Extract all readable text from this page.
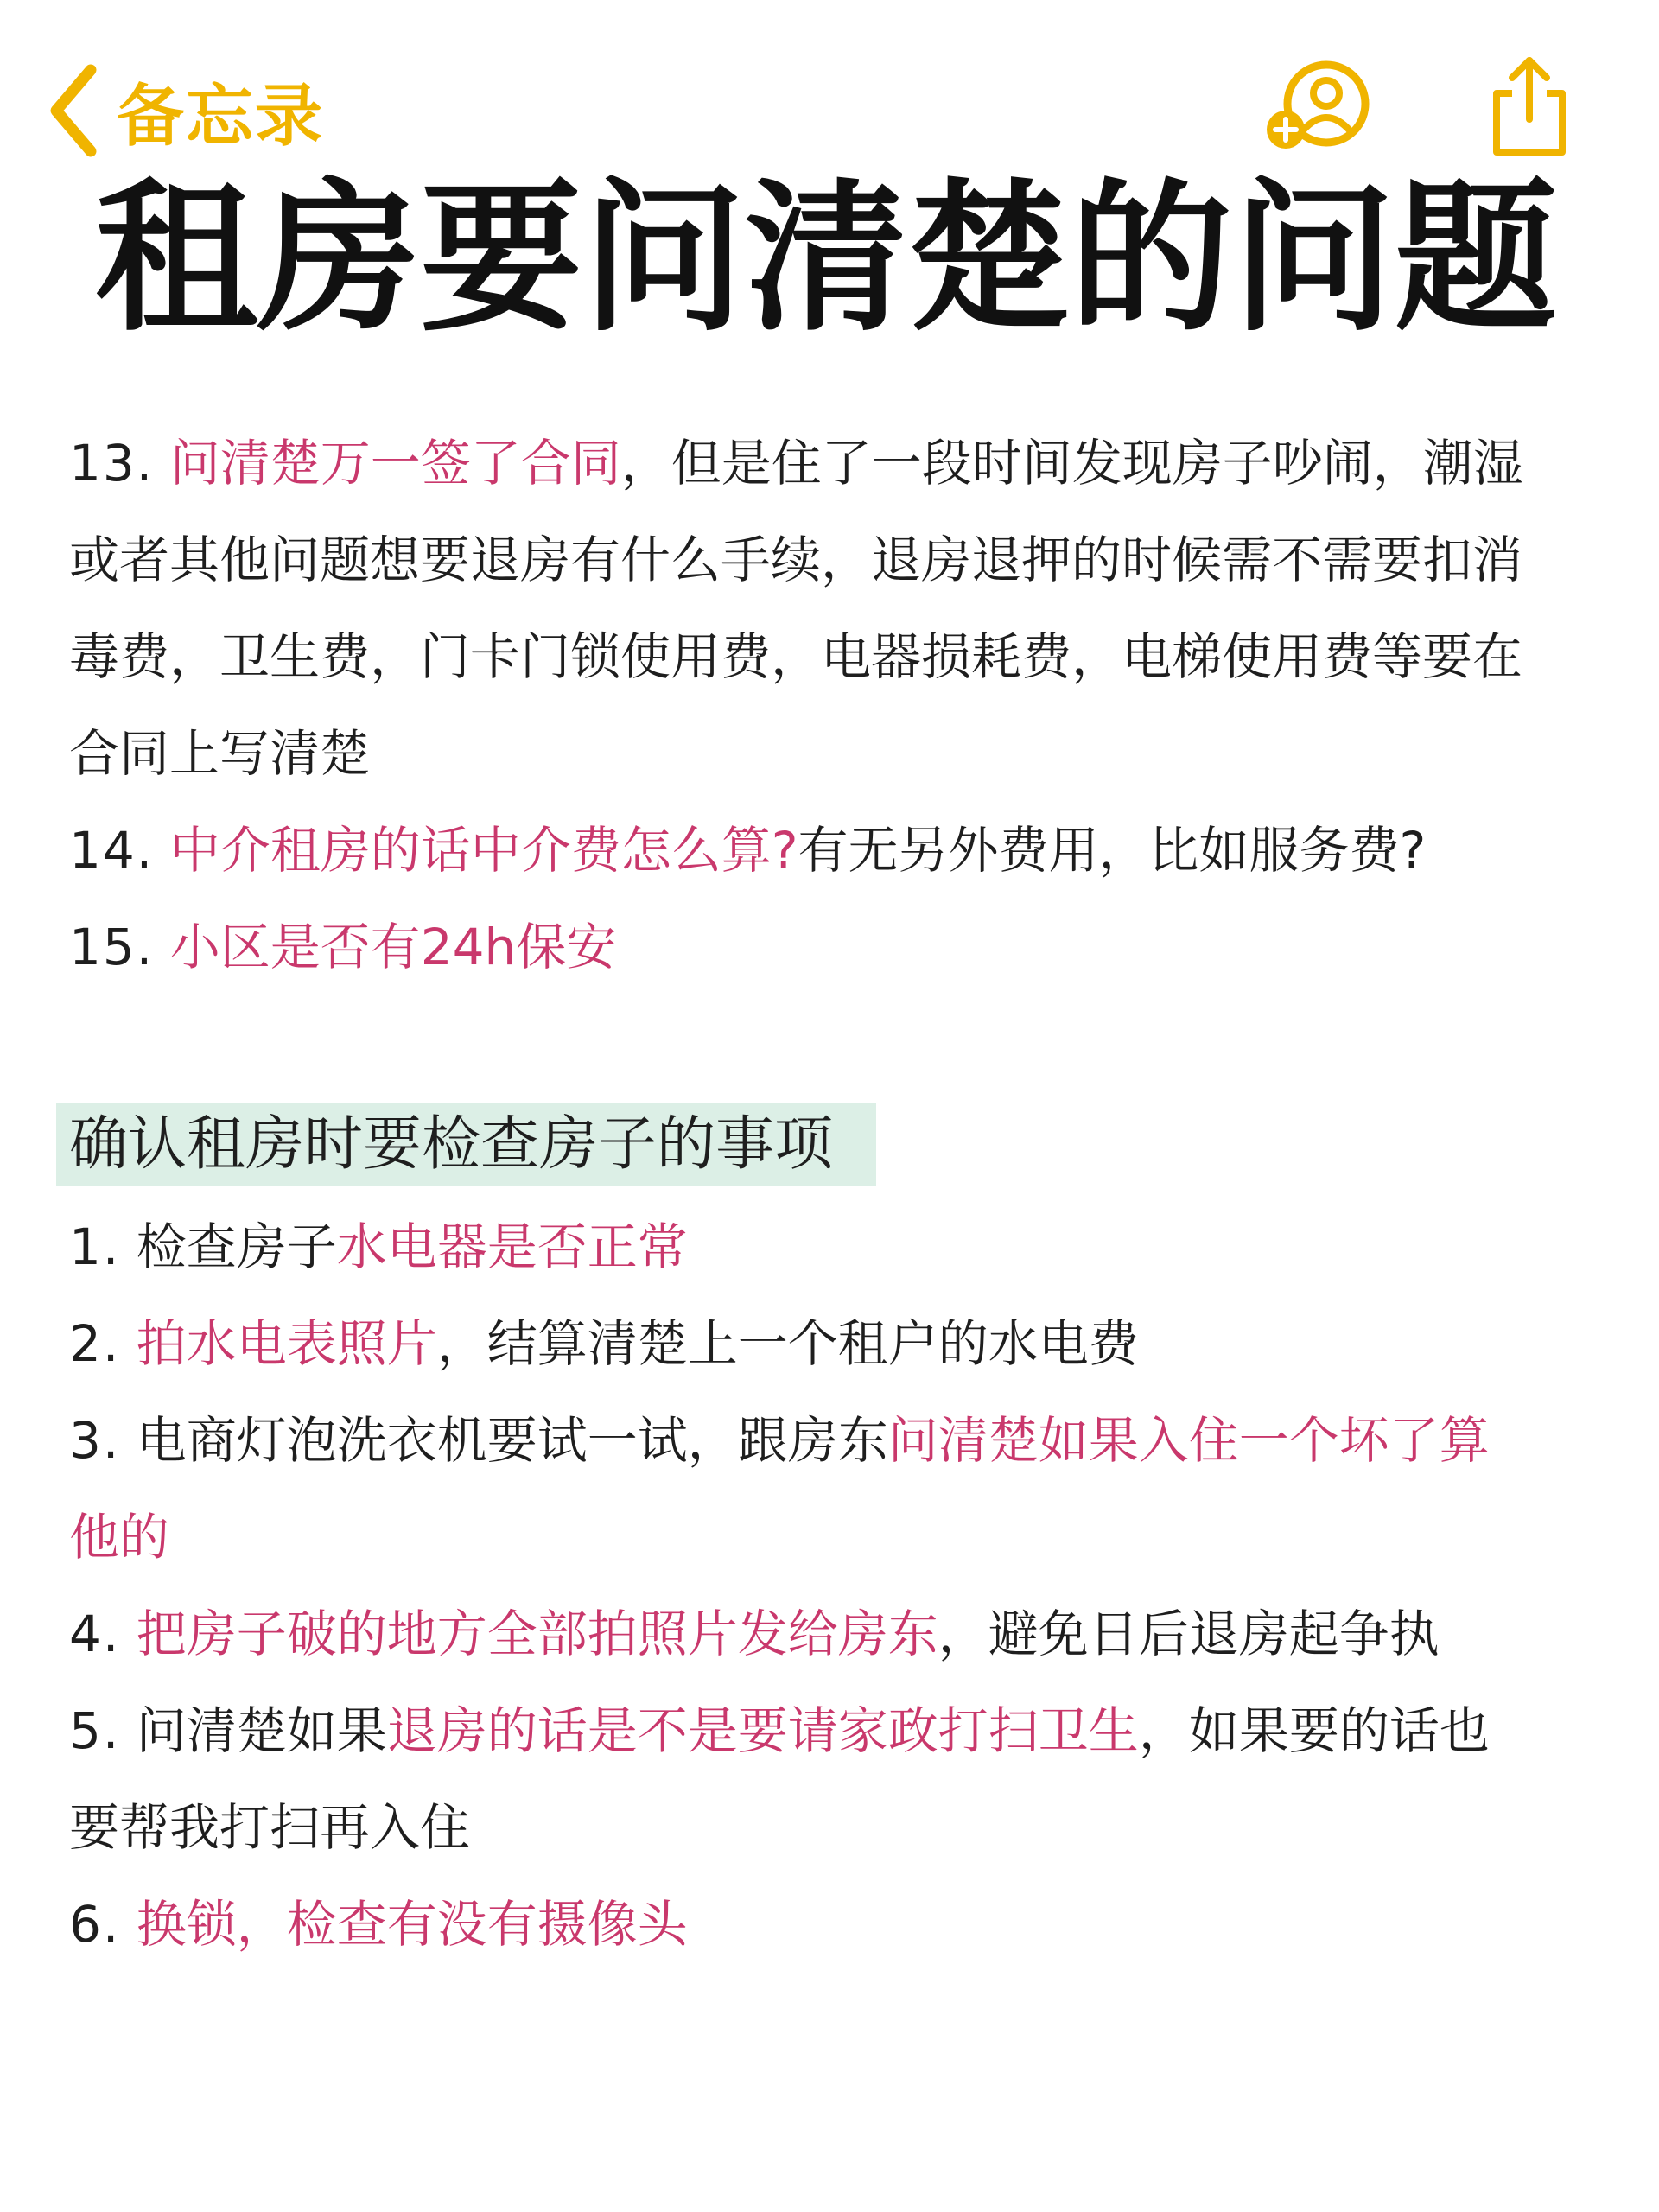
备忘录
租房要问清楚的问题

13. 问清楚万一签了合同，但是住了一段时间发现房子吵闹，潮湿或者其他问题想要退房有什么手续，退房退押的时候需不需要扣消毒费，卫生费，门卡门锁使用费，电器损耗费，电梯使用费等要在合同上写清楚

14. 中介租房的话中介费怎么算?有无另外费用，比如服务费?

15. 小区是否有24h保安

确认租房时要检查房子的事项

1. 检查房子水电器是否正常

2. 拍水电表照片，结算清楚上一个租户的水电费

3. 电商灯泡洗衣机要试一试，跟房东问清楚如果入住一个坏了算他的

4. 把房子破的地方全部拍照片发给房东，避免日后退房起争执

5. 问清楚如果退房的话是不是要请家政打扫卫生，如果要的话也要帮我打扫再入住

6. 换锁，检查有没有摄像头
